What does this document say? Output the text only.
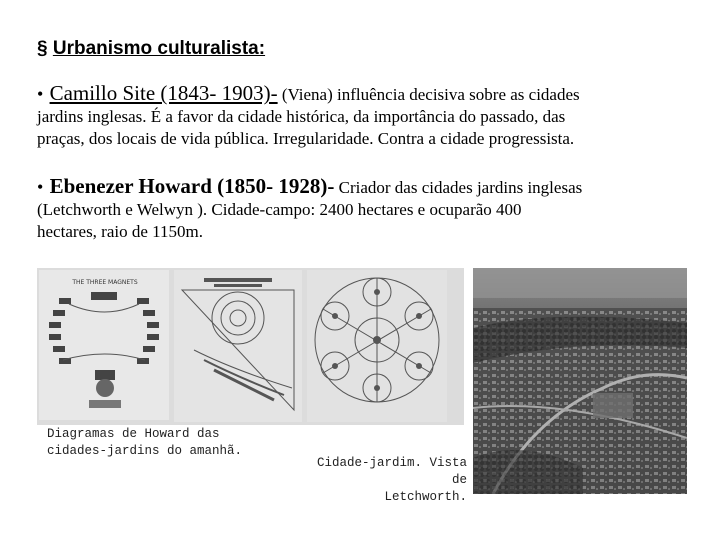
§ Urbanismo culturalista:
• Camillo Site (1843- 1903)- (Viena) influência decisiva sobre as cidades
jardins inglesas. É a favor da cidade histórica, da importância do passado, das
praças, dos locais de vida pública. Irregularidade. Contra a cidade progressista.
• Ebenezer Howard (1850- 1928)- Criador das cidades jardins inglesas
(Letchworth e Welwyn ). Cidade-campo: 2400 hectares e ocuparão 400
hectares, raio de 1150m.
THE THREE MAGNETS
Diagramas de Howard das
cidades-jardins do amanhã.
Cidade-jardim. Vista de
Letchworth.
